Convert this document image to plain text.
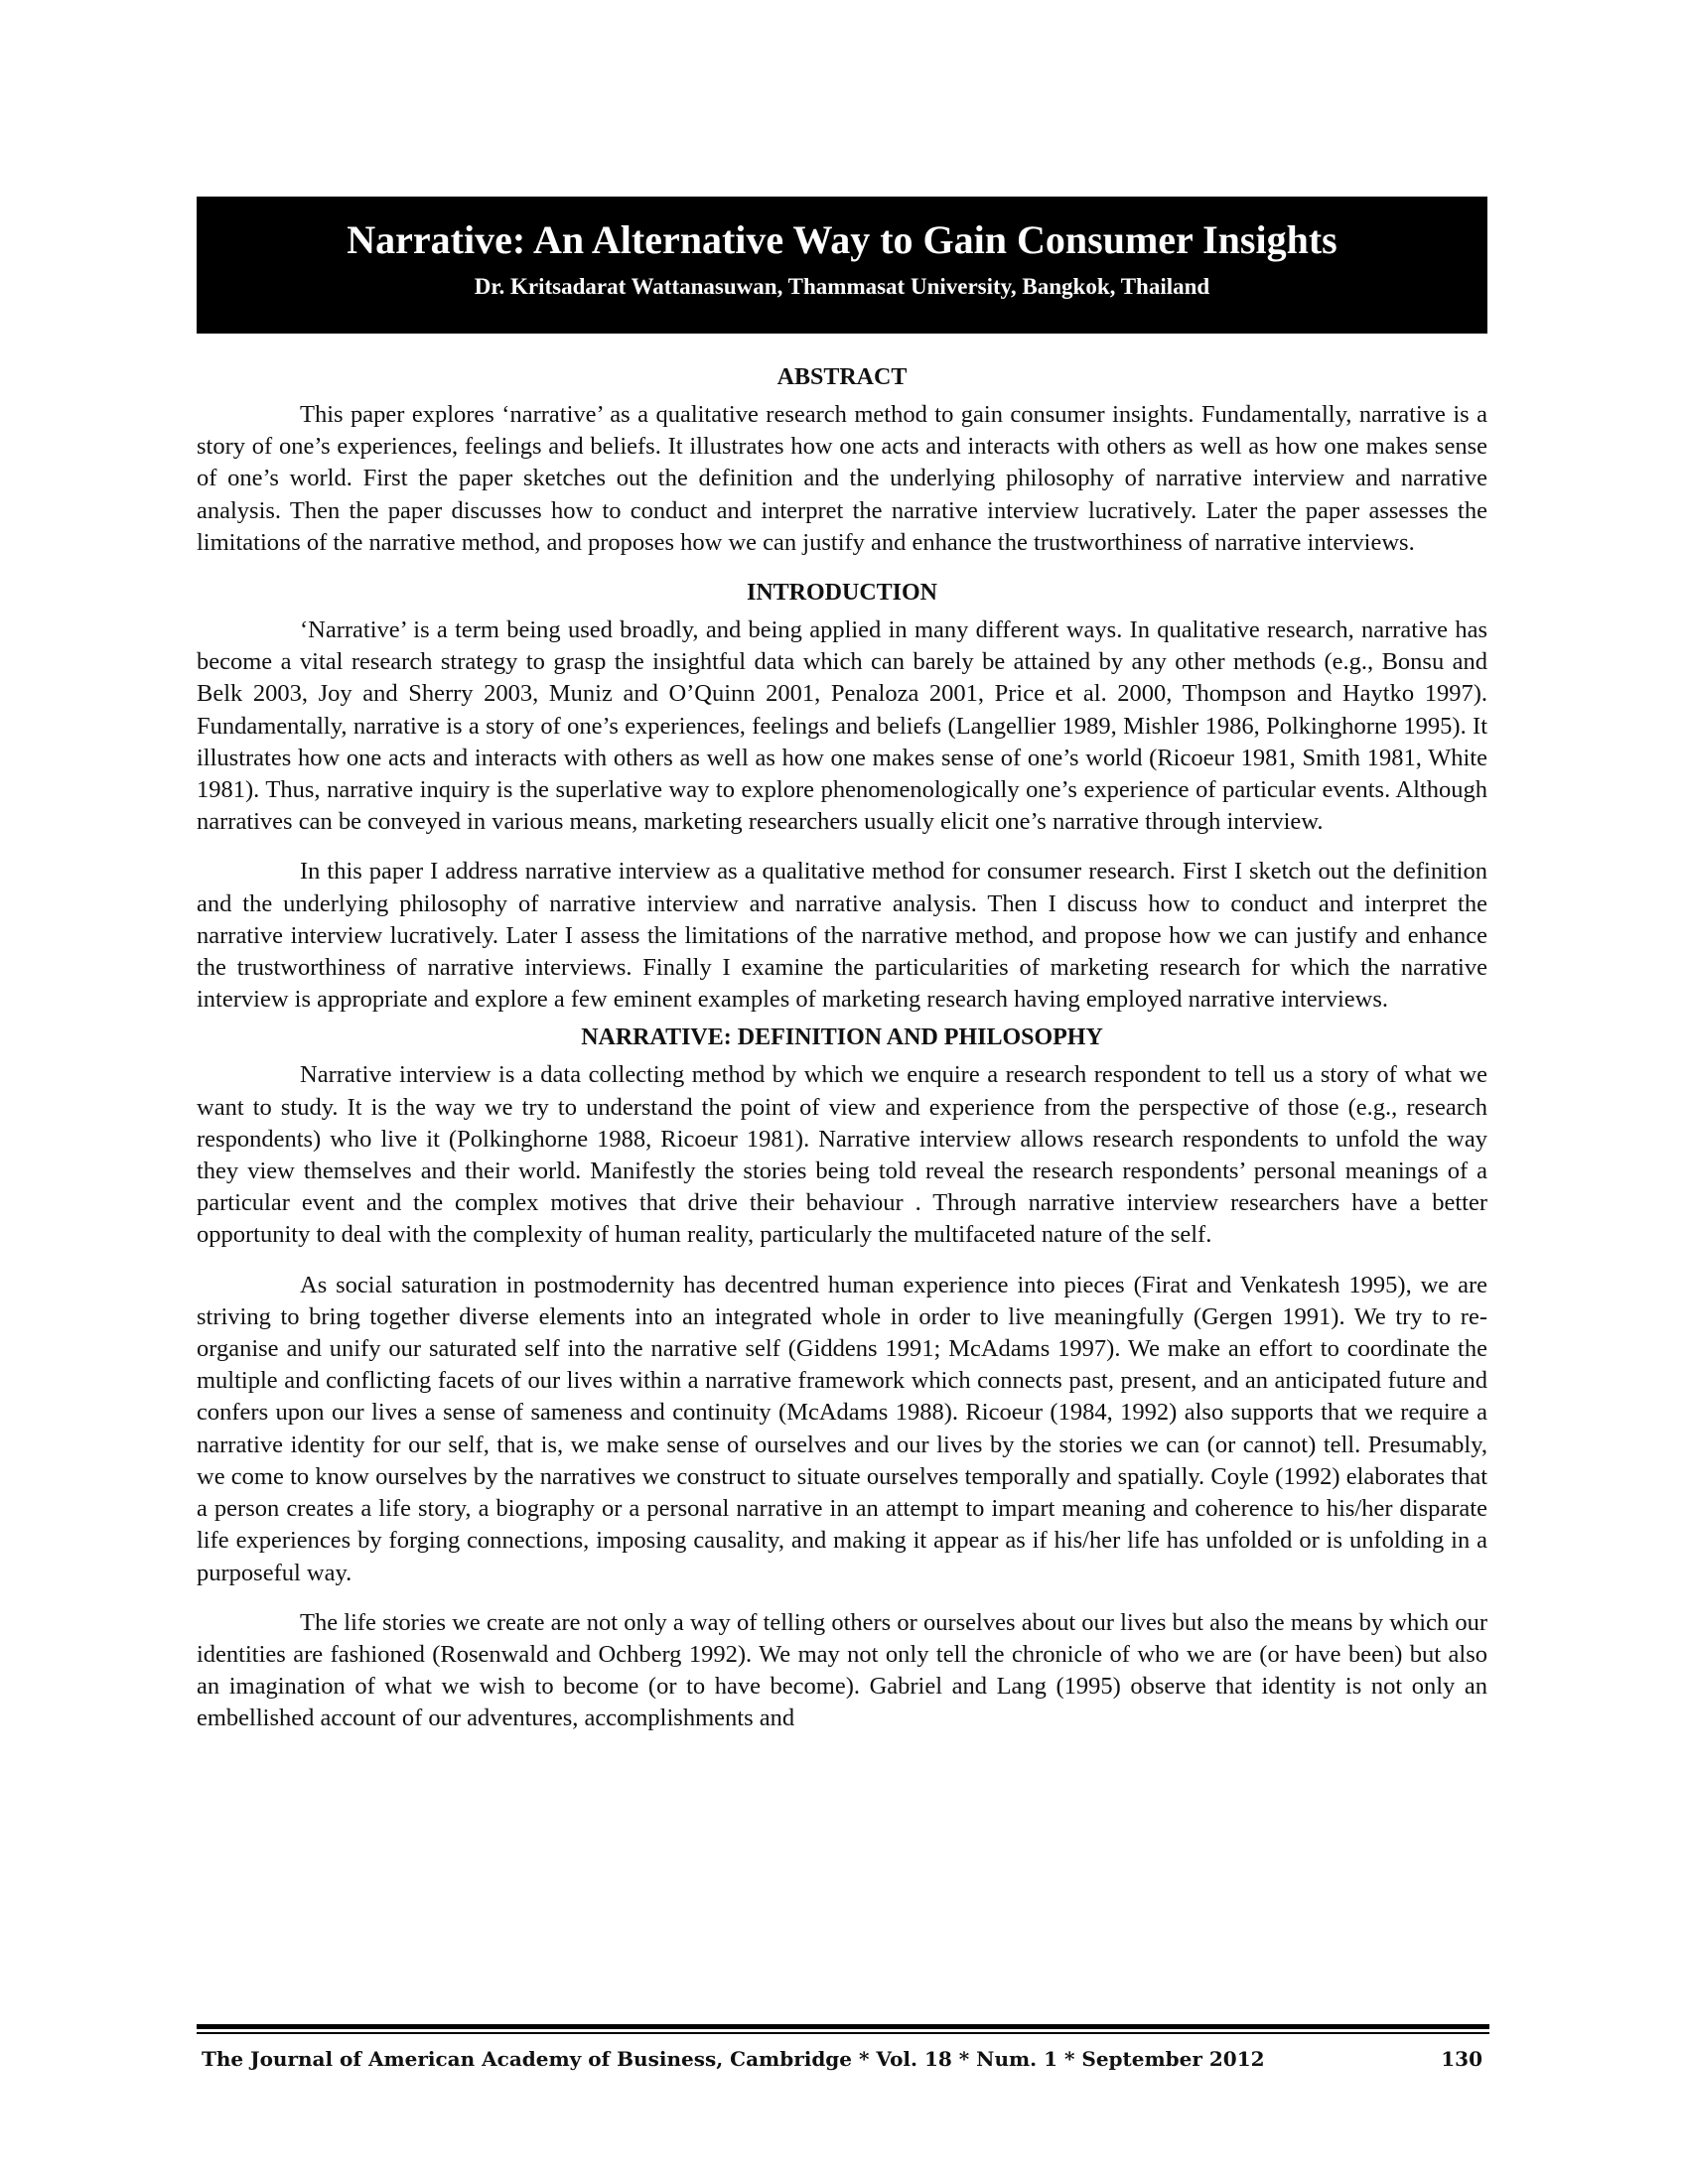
Narrative: An Alternative Way to Gain Consumer Insights
Dr. Kritsadarat Wattanasuwan, Thammasat University, Bangkok, Thailand
ABSTRACT

This paper explores ‘narrative’ as a qualitative research method to gain consumer insights. Fundamentally, narrative is a story of one’s experiences, feelings and beliefs. It illustrates how one acts and interacts with others as well as how one makes sense of one’s world. First the paper sketches out the definition and the underlying philosophy of narrative interview and narrative analysis. Then the paper discusses how to conduct and interpret the narrative interview lucratively. Later the paper assesses the limitations of the narrative method, and proposes how we can justify and enhance the trustworthiness of narrative interviews.

INTRODUCTION

‘Narrative’ is a term being used broadly, and being applied in many different ways. In qualitative research, narrative has become a vital research strategy to grasp the insightful data which can barely be attained by any other methods (e.g., Bonsu and Belk 2003, Joy and Sherry 2003, Muniz and O’Quinn 2001, Penaloza 2001, Price et al. 2000, Thompson and Haytko 1997). Fundamentally, narrative is a story of one’s experiences, feelings and beliefs (Langellier 1989, Mishler 1986, Polkinghorne 1995). It illustrates how one acts and interacts with others as well as how one makes sense of one’s world (Ricoeur 1981, Smith 1981, White 1981). Thus, narrative inquiry is the superlative way to explore phenomenologically one’s experience of particular events. Although narratives can be conveyed in various means, marketing researchers usually elicit one’s narrative through interview.

In this paper I address narrative interview as a qualitative method for consumer research. First I sketch out the definition and the underlying philosophy of narrative interview and narrative analysis. Then I discuss how to conduct and interpret the narrative interview lucratively. Later I assess the limitations of the narrative method, and propose how we can justify and enhance the trustworthiness of narrative interviews. Finally I examine the particularities of marketing research for which the narrative interview is appropriate and explore a few eminent examples of marketing research having employed narrative interviews.

NARRATIVE: DEFINITION AND PHILOSOPHY

Narrative interview is a data collecting method by which we enquire a research respondent to tell us a story of what we want to study. It is the way we try to understand the point of view and experience from the perspective of those (e.g., research respondents) who live it (Polkinghorne 1988, Ricoeur 1981). Narrative interview allows research respondents to unfold the way they view themselves and their world. Manifestly the stories being told reveal the research respondents’ personal meanings of a particular event and the complex motives that drive their behaviour . Through narrative interview researchers have a better opportunity to deal with the complexity of human reality, particularly the multifaceted nature of the self.

As social saturation in postmodernity has decentred human experience into pieces (Firat and Venkatesh 1995), we are striving to bring together diverse elements into an integrated whole in order to live meaningfully (Gergen 1991). We try to re-organise and unify our saturated self into the narrative self (Giddens 1991; McAdams 1997). We make an effort to coordinate the multiple and conflicting facets of our lives within a narrative framework which connects past, present, and an anticipated future and confers upon our lives a sense of sameness and continuity (McAdams 1988). Ricoeur (1984, 1992) also supports that we require a narrative identity for our self, that is, we make sense of ourselves and our lives by the stories we can (or cannot) tell. Presumably, we come to know ourselves by the narratives we construct to situate ourselves temporally and spatially. Coyle (1992) elaborates that a person creates a life story, a biography or a personal narrative in an attempt to impart meaning and coherence to his/her disparate life experiences by forging connections, imposing causality, and making it appear as if his/her life has unfolded or is unfolding in a purposeful way.

The life stories we create are not only a way of telling others or ourselves about our lives but also the means by which our identities are fashioned (Rosenwald and Ochberg 1992). We may not only tell the chronicle of who we are (or have been) but also an imagination of what we wish to become (or to have become). Gabriel and Lang (1995) observe that identity is not only an embellished account of our adventures, accomplishments and

The Journal of American Academy of Business, Cambridge * Vol. 18 * Num. 1 * September 2012	130
